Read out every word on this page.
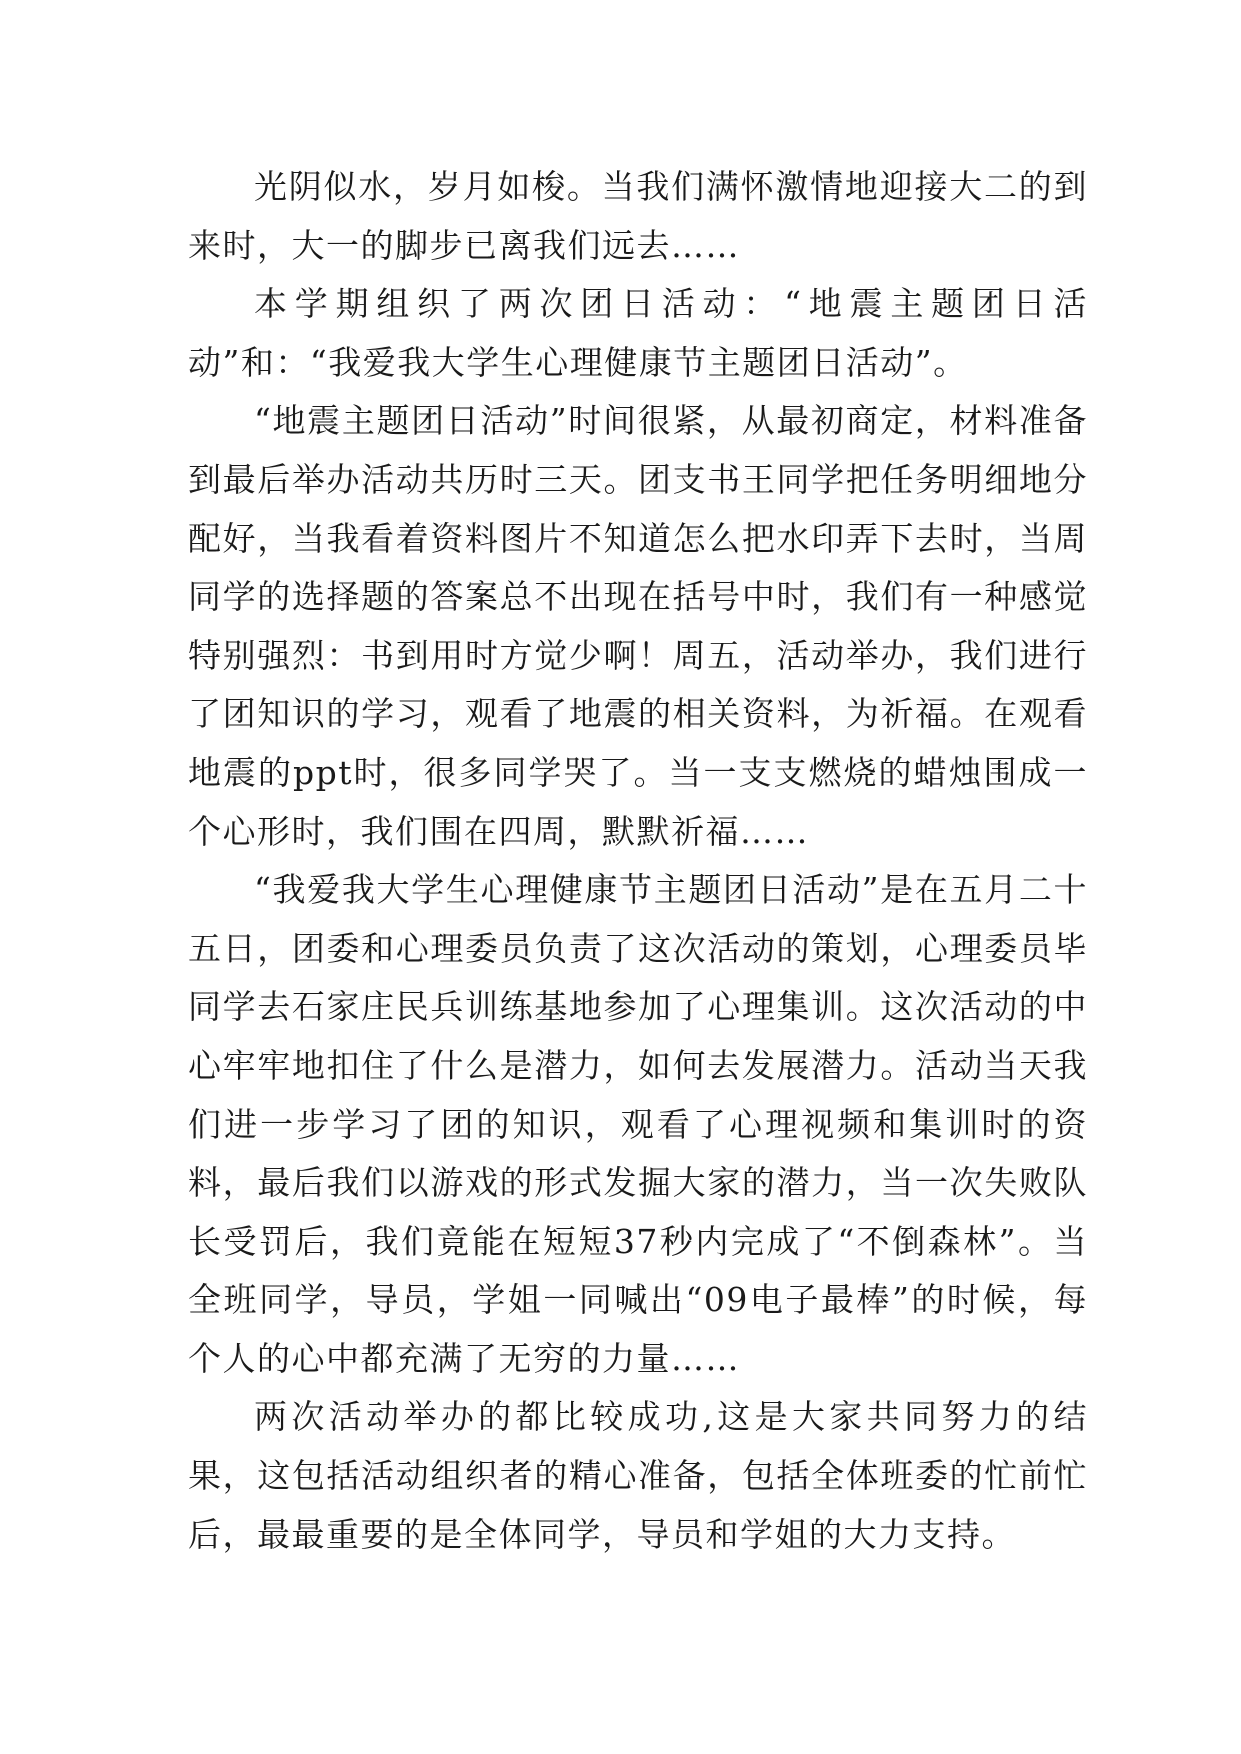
光阴似水，岁月如梭。当我们满怀激情地迎接大二的到来时，大一的脚步已离我们远去……

本学期组织了两次团日活动：“地震主题团日活动”和：“我爱我大学生心理健康节主题团日活动”。

“地震主题团日活动”时间很紧，从最初商定，材料准备到最后举办活动共历时三天。团支书王同学把任务明细地分配好，当我看着资料图片不知道怎么把水印弄下去时，当周同学的选择题的答案总不出现在括号中时，我们有一种感觉特别强烈：书到用时方觉少啊！周五，活动举办，我们进行了团知识的学习，观看了地震的相关资料，为祈福。在观看地震的ppt时，很多同学哭了。当一支支燃烧的蜡烛围成一个心形时，我们围在四周，默默祈福……

“我爱我大学生心理健康节主题团日活动”是在五月二十五日，团委和心理委员负责了这次活动的策划，心理委员毕同学去石家庄民兵训练基地参加了心理集训。这次活动的中心牢牢地扣住了什么是潜力，如何去发展潜力。活动当天我们进一步学习了团的知识，观看了心理视频和集训时的资料，最后我们以游戏的形式发掘大家的潜力，当一次失败队长受罚后，我们竟能在短短37秒内完成了“不倒森林”。当全班同学，导员，学姐一同喊出“09电子最棒”的时候，每个人的心中都充满了无穷的力量……

两次活动举办的都比较成功,这是大家共同努力的结果，这包括活动组织者的精心准备，包括全体班委的忙前忙后，最最重要的是全体同学，导员和学姐的大力支持。
